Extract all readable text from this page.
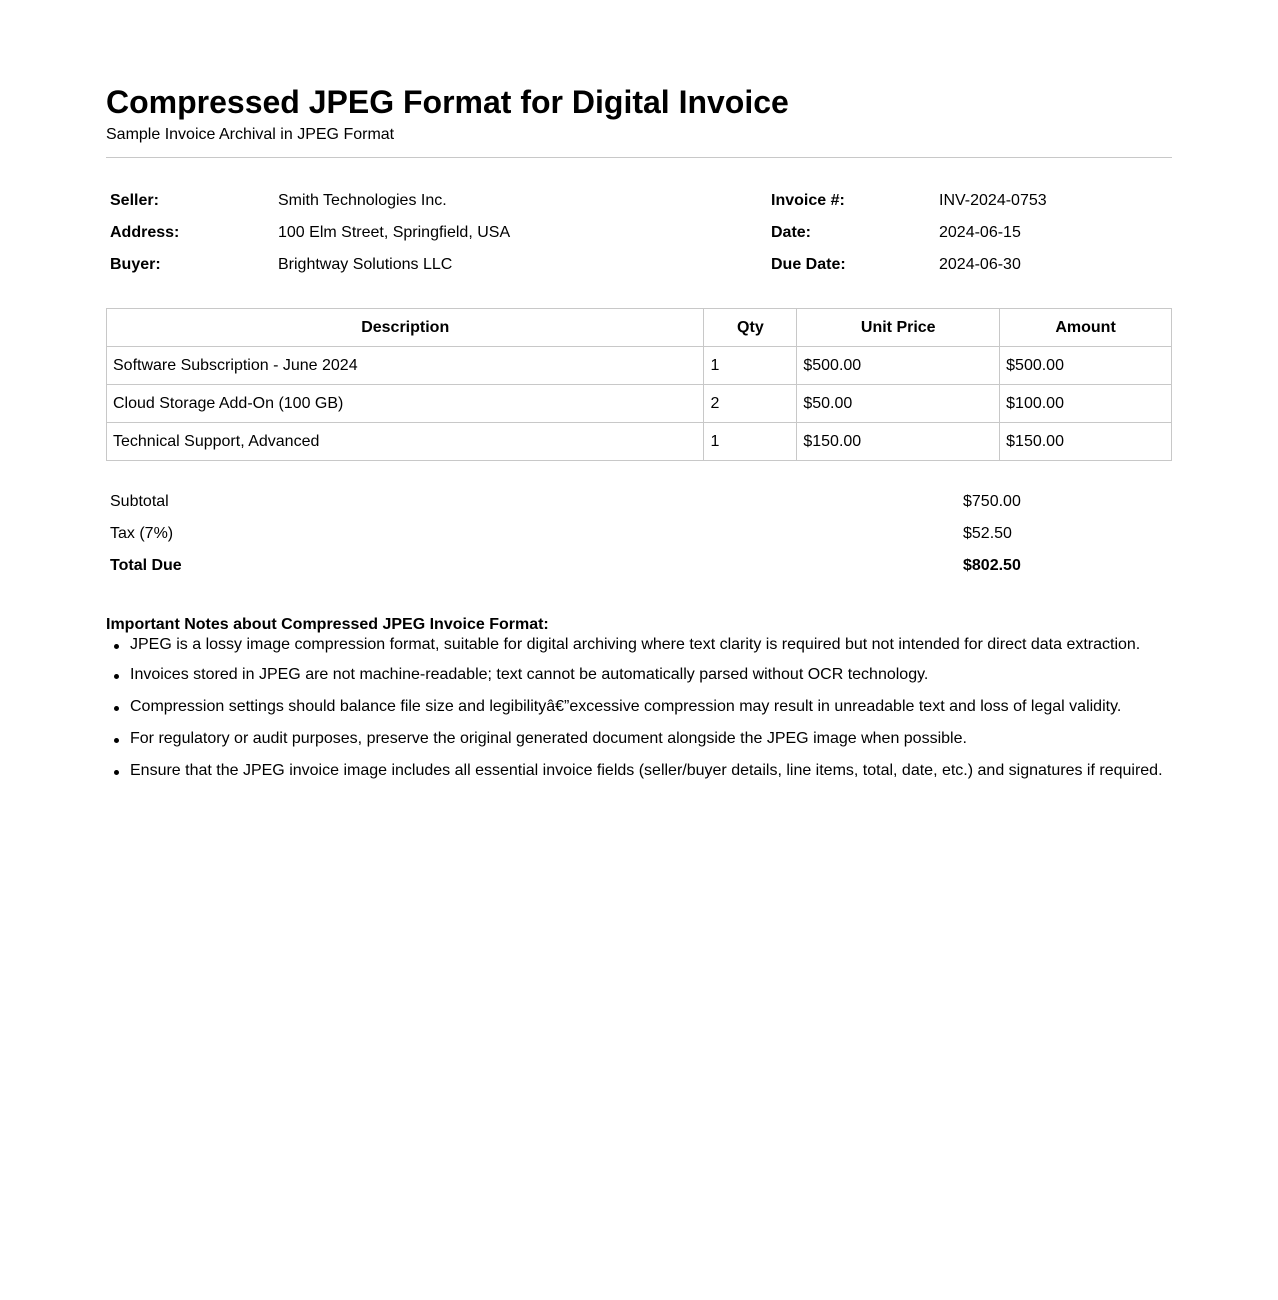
Compressed JPEG Format for Digital Invoice
Sample Invoice Archival in JPEG Format
Seller:	Smith Technologies Inc.	Invoice #:	INV-2024-0753
Address:	100 Elm Street, Springfield, USA	Date:	2024-06-15
Buyer:	Brightway Solutions LLC	Due Date:	2024-06-30
Description	Qty	Unit Price	Amount
Software Subscription - June 2024	1	$500.00	$500.00
Cloud Storage Add-On (100 GB)	2	$50.00	$100.00
Technical Support, Advanced	1	$150.00	$150.00
Subtotal	$750.00
Tax (7%)	$52.50
Total Due	$802.50
Important Notes about Compressed JPEG Invoice Format:
JPEG is a lossy image compression format, suitable for digital archiving where text clarity is required but not intended for direct data extraction.
Invoices stored in JPEG are not machine-readable; text cannot be automatically parsed without OCR technology.
Compression settings should balance file size and legibilityâ€”excessive compression may result in unreadable text and loss of legal validity.
For regulatory or audit purposes, preserve the original generated document alongside the JPEG image when possible.
Ensure that the JPEG invoice image includes all essential invoice fields (seller/buyer details, line items, total, date, etc.) and signatures if required.
